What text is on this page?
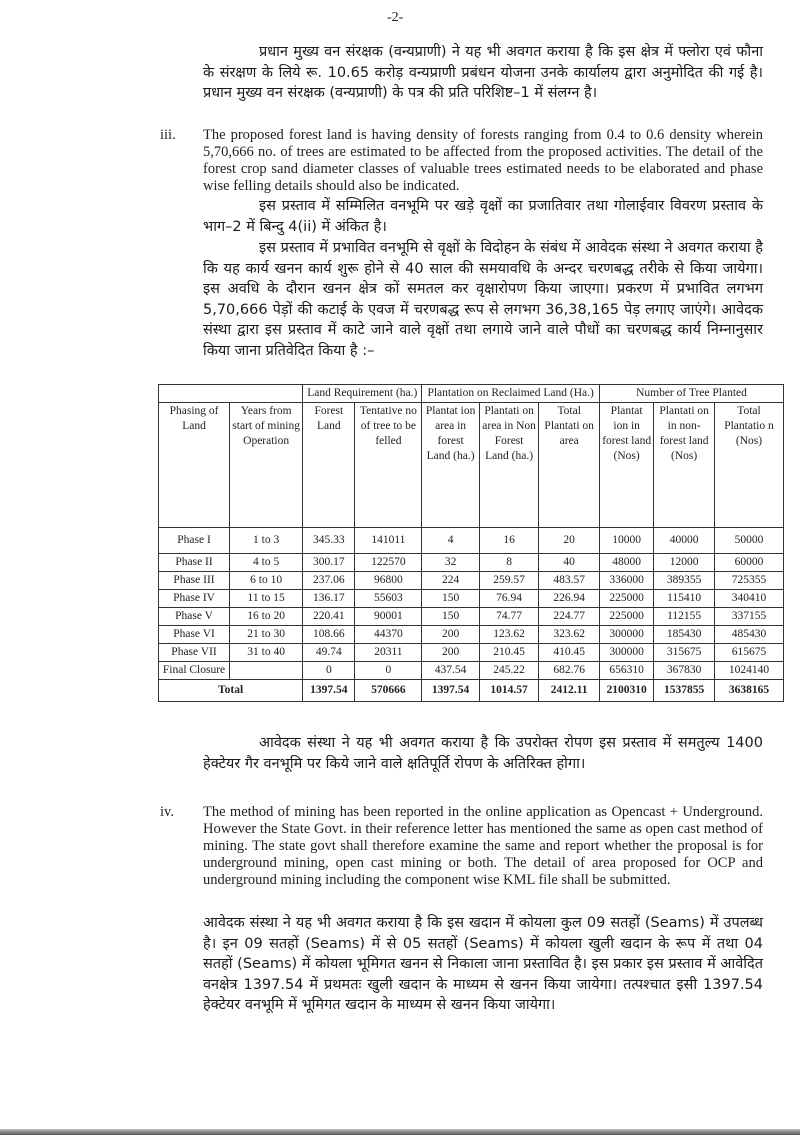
-2-
प्रधान मुख्य वन संरक्षक (वन्यप्राणी) ने यह भी अवगत कराया है कि इस क्षेत्र में फ्लोरा एवं फौना के संरक्षण के लिये रू. 10.65 करोड़ वन्यप्राणी प्रबंधन योजना उनके कार्यालय द्वारा अनुमोदित की गई है। प्रधान मुख्य वन संरक्षक (वन्यप्राणी) के पत्र की प्रति परिशिष्ट–1 में संलग्न है।
iii. The proposed forest land is having density of forests ranging from 0.4 to 0.6 density wherein 5,70,666 no. of trees are estimated to be affected from the proposed activities. The detail of the forest crop sand diameter classes of valuable trees estimated needs to be elaborated and phase wise felling details should also be indicated.
इस प्रस्ताव में सम्मिलित वनभूमि पर खड़े वृक्षों का प्रजातिवार तथा गोलाईवार विवरण प्रस्ताव के भाग–2 में बिन्दु 4(ii) में अंकित है।
इस प्रस्ताव में प्रभावित वनभूमि से वृक्षों के विदोहन के संबंध में आवेदक संस्था ने अवगत कराया है कि यह कार्य खनन कार्य शुरू होने से 40 साल की समयावधि के अन्दर चरणबद्ध तरीके से किया जायेगा। इस अवधि के दौरान खनन क्षेत्र कों समतल कर वृक्षारोपण किया जाएगा। प्रकरण में प्रभावित लगभग 5,70,666 पेड़ों की कटाई के एवज में चरणबद्ध रूप से लगभग 36,38,165 पेड़ लगाए जाएंगे। आवेदक संस्था द्वारा इस प्रस्ताव में काटे जाने वाले वृक्षों तथा लगाये जाने वाले पौधों का चरणबद्ध कार्य निम्नानुसार किया जाना प्रतिवेदित किया है :–
		Land Requirement (ha.)		Plantation on Reclaimed Land (Ha.)			Number of Tree Planted		
Phasing of Land	Years from start of mining Operation	Forest Land	Tentative no of tree to be felled	Plantat ion area in forest Land (ha.)	Plantati on area in Non Forest Land (ha.)	Total Plantati on area	Plantat ion in forest land (Nos)	Plantati on in non-forest land (Nos)	Total Plantatio n (Nos)
Phase I	1 to 3	345.33	141011	4	16	20	10000	40000	50000
Phase II	4 to 5	300.17	122570	32	8	40	48000	12000	60000
Phase III	6 to 10	237.06	96800	224	259.57	483.57	336000	389355	725355
Phase IV	11 to 15	136.17	55603	150	76.94	226.94	225000	115410	340410
Phase V	16 to 20	220.41	90001	150	74.77	224.77	225000	112155	337155
Phase VI	21 to 30	108.66	44370	200	123.62	323.62	300000	185430	485430
Phase VII	31 to 40	49.74	20311	200	210.45	410.45	300000	315675	615675
Final Closure		0	0	437.54	245.22	682.76	656310	367830	1024140
Total		1397.54	570666	1397.54	1014.57	2412.11	2100310	1537855	3638165
आवेदक संस्था ने यह भी अवगत कराया है कि उपरोक्त रोपण इस प्रस्ताव में समतुल्य 1400 हेक्टेयर गैर वनभूमि पर किये जाने वाले क्षतिपूर्ति रोपण के अतिरिक्त होगा।
iv. The method of mining has been reported in the online application as Opencast + Underground. However the State Govt. in their reference letter has mentioned the same as open cast method of mining. The state govt shall therefore examine the same and report whether the proposal is for underground mining, open cast mining or both. The detail of area proposed for OCP and underground mining including the component wise KML file shall be submitted.
आवेदक संस्था ने यह भी अवगत कराया है कि इस खदान में कोयला कुल 09 सतहों (Seams) में उपलब्ध है। इन 09 सतहों (Seams) में से 05 सतहों (Seams) में कोयला खुली खदान के रूप में तथा 04 सतहों (Seams) में कोयला भूमिगत खनन से निकाला जाना प्रस्तावित है। इस प्रकार इस प्रस्ताव में आवेदित वनक्षेत्र 1397.54 में प्रथमतः खुली खदान के माध्यम से खनन किया जायेगा। तत्पश्चात इसी 1397.54 हेक्टेयर वनभूमि में भूमिगत खदान के माध्यम से खनन किया जायेगा।
